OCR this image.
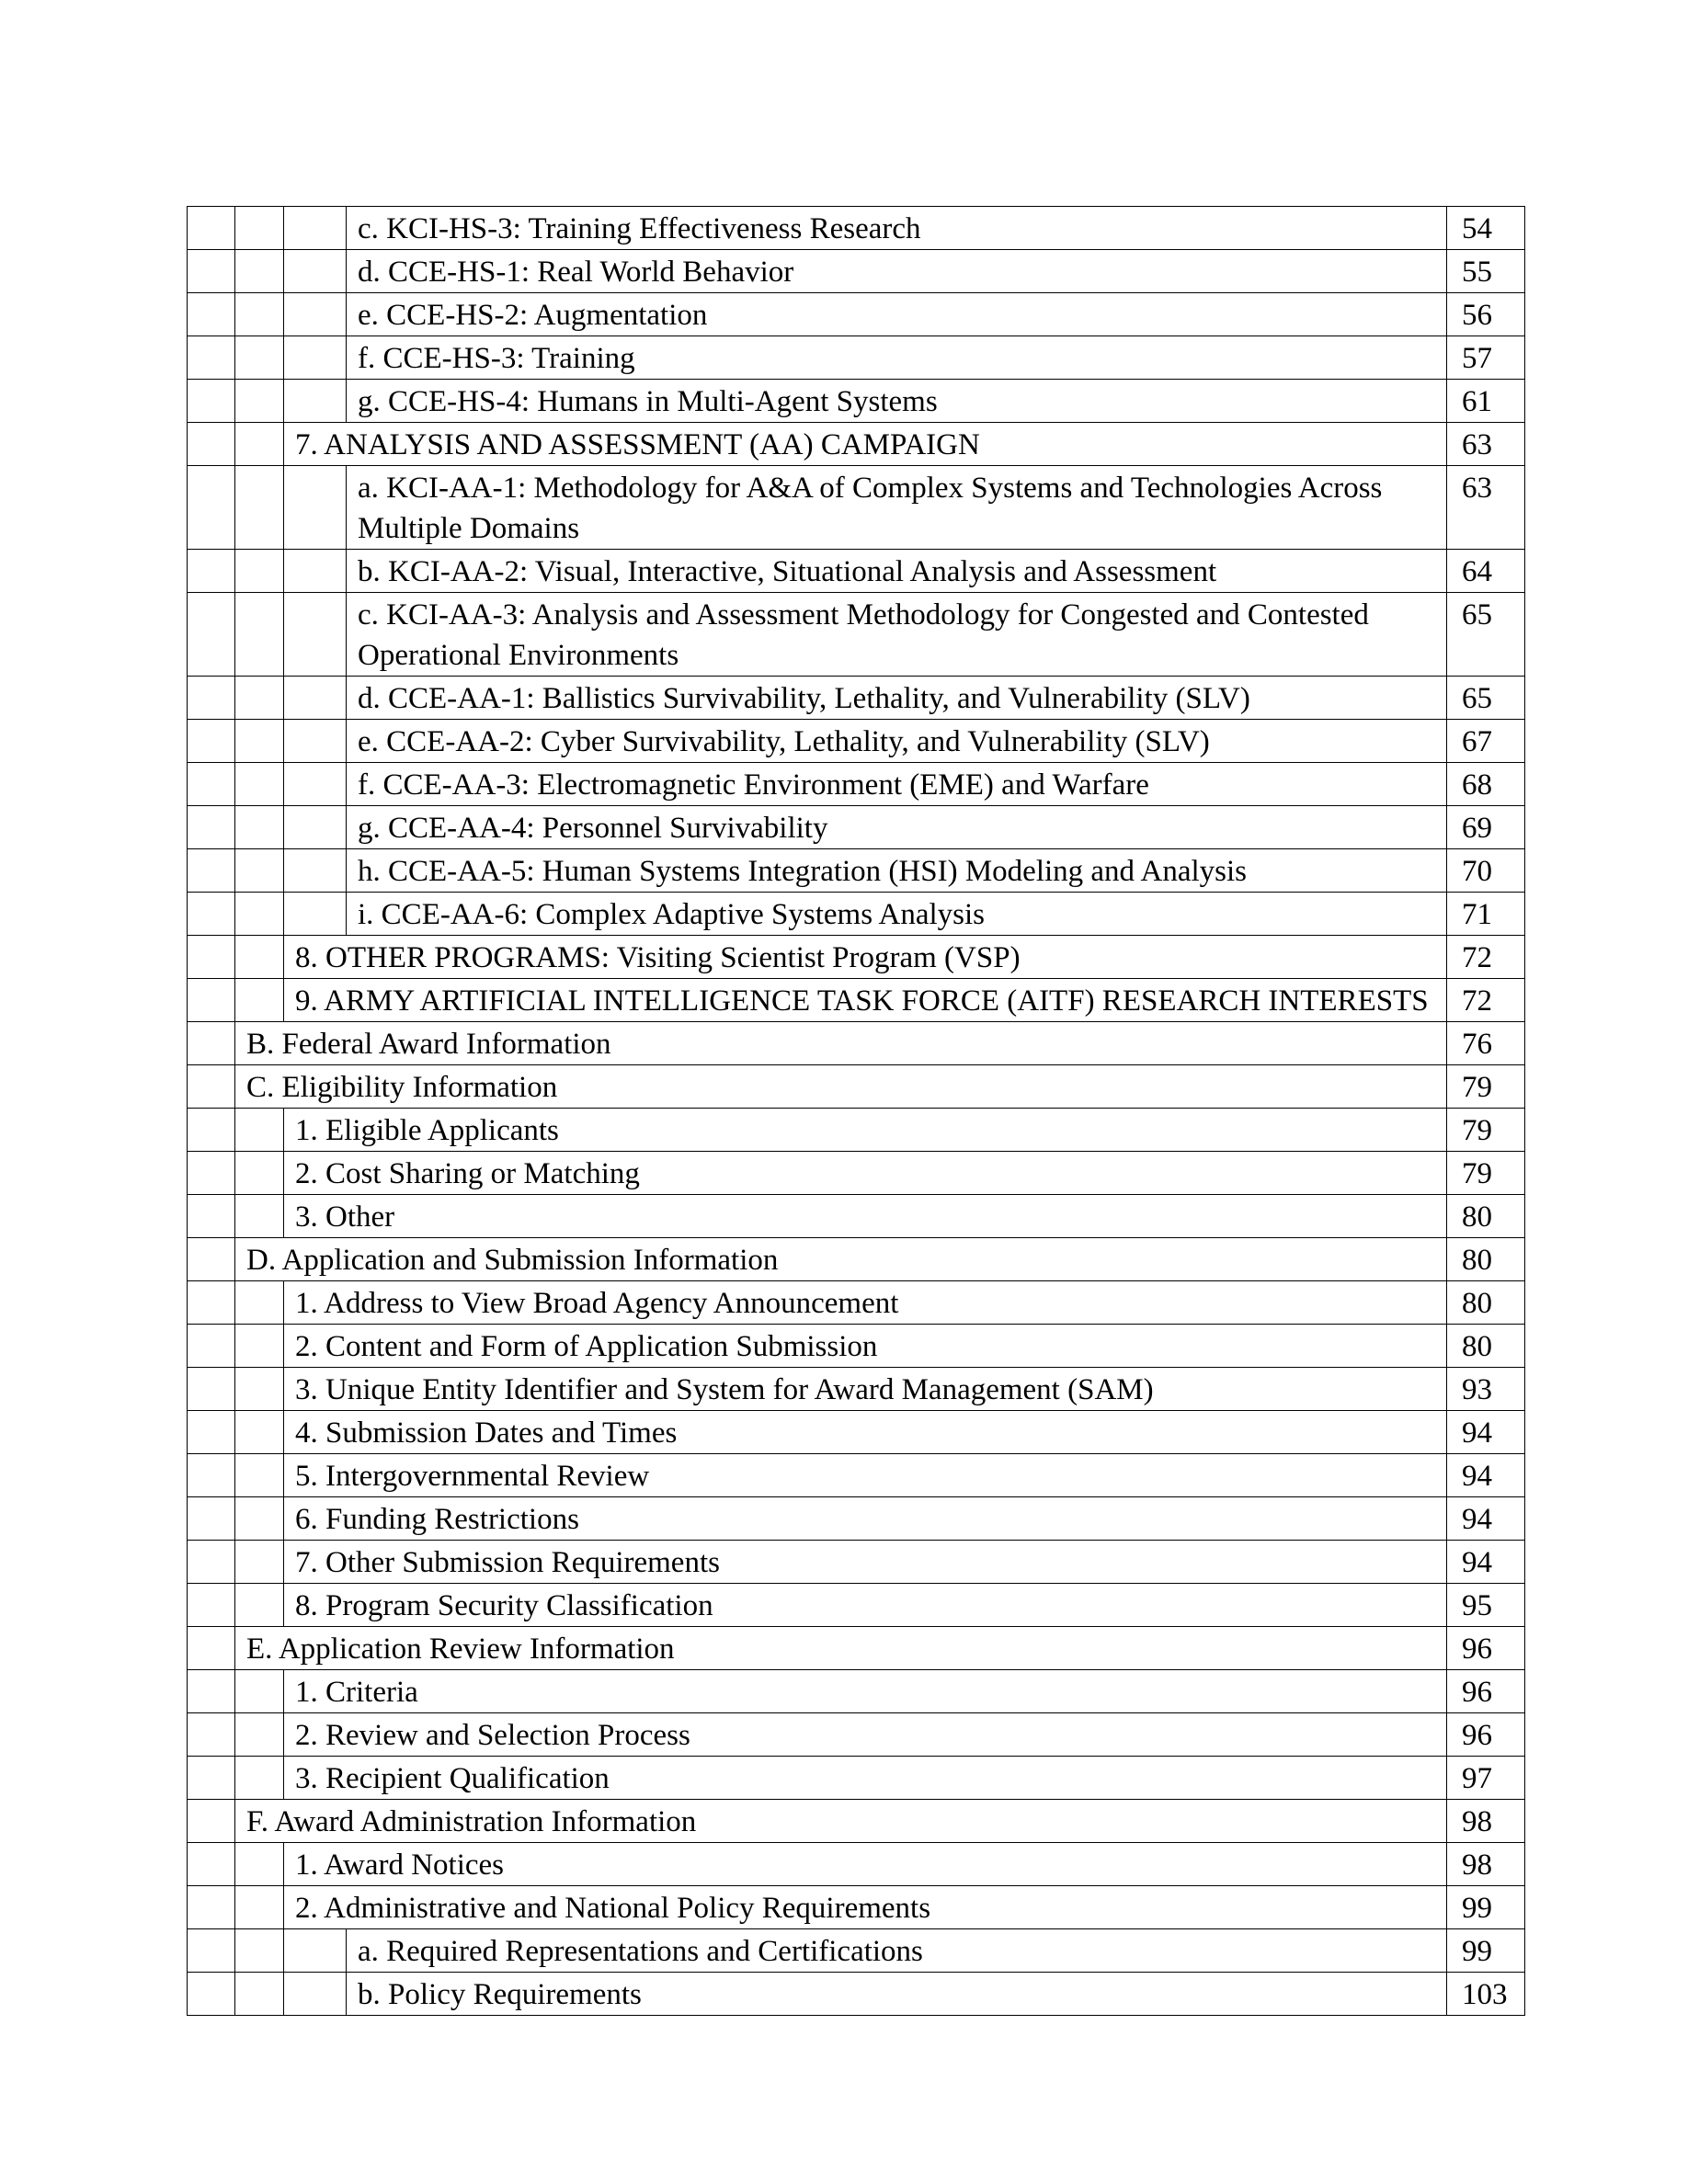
			c. KCI-HS-3: Training Effectiveness Research	54
			d. CCE-HS-1: Real World Behavior	55
			e. CCE-HS-2: Augmentation	56
			f. CCE-HS-3: Training	57
			g. CCE-HS-4: Humans in Multi-Agent Systems	61
		7. ANALYSIS AND ASSESSMENT (AA) CAMPAIGN		63
			a. KCI-AA-1: Methodology for A&A of Complex Systems and Technologies Across Multiple Domains	63
			b. KCI-AA-2: Visual, Interactive, Situational Analysis and Assessment	64
			c. KCI-AA-3: Analysis and Assessment Methodology for Congested and Contested Operational Environments	65
			d. CCE-AA-1: Ballistics Survivability, Lethality, and Vulnerability (SLV)	65
			e. CCE-AA-2: Cyber Survivability, Lethality, and Vulnerability (SLV)	67
			f. CCE-AA-3: Electromagnetic Environment (EME) and Warfare	68
			g. CCE-AA-4: Personnel Survivability	69
			h. CCE-AA-5: Human Systems Integration (HSI) Modeling and Analysis	70
			i. CCE-AA-6: Complex Adaptive Systems Analysis	71
		8. OTHER PROGRAMS: Visiting Scientist Program (VSP)		72
		9. ARMY ARTIFICIAL INTELLIGENCE TASK FORCE (AITF) RESEARCH INTERESTS		72
	B. Federal Award Information			76
	C. Eligibility Information			79
		1. Eligible Applicants		79
		2. Cost Sharing or Matching		79
		3. Other		80
	D. Application and Submission Information			80
		1. Address to View Broad Agency Announcement		80
		2. Content and Form of Application Submission		80
		3. Unique Entity Identifier and System for Award Management (SAM)		93
		4. Submission Dates and Times		94
		5. Intergovernmental Review		94
		6. Funding Restrictions		94
		7. Other Submission Requirements		94
		8. Program Security Classification		95
	E. Application Review Information			96
		1. Criteria		96
		2. Review and Selection Process		96
		3. Recipient Qualification		97
	F. Award Administration Information			98
		1. Award Notices		98
		2. Administrative and National Policy Requirements		99
			a. Required Representations and Certifications	99
			b. Policy Requirements	103
